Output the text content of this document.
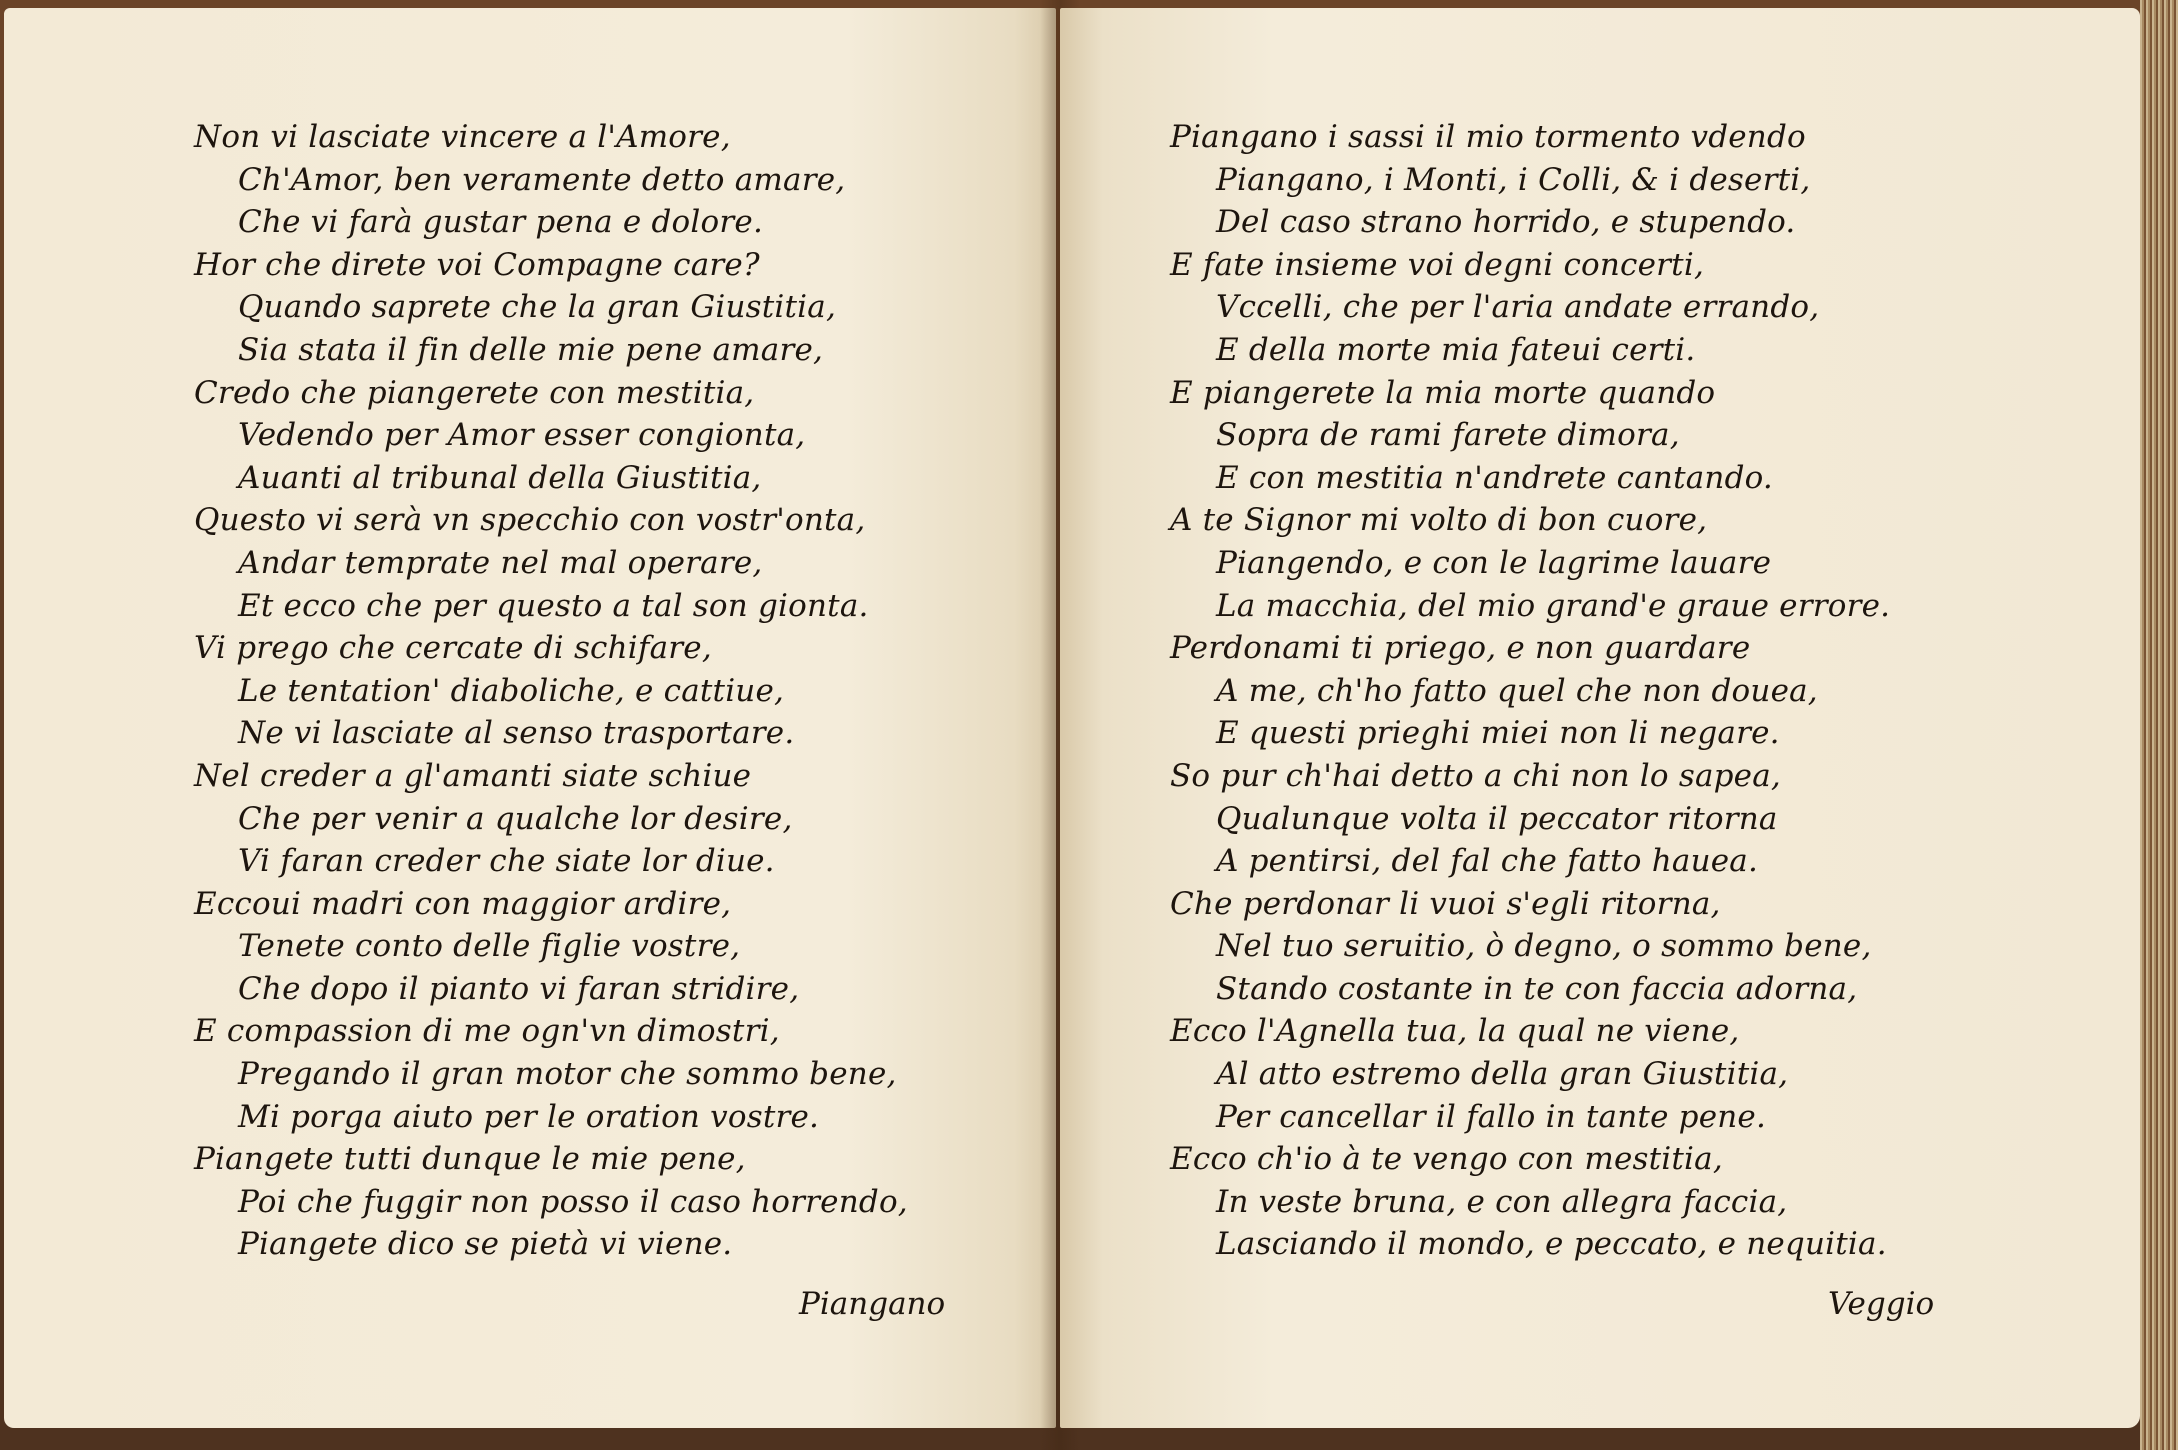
Non vi lasciate vincere a l'Amore,
Ch'Amor, ben veramente detto amare,
Che vi farà gustar pena e dolore.
Hor che direte voi Compagne care?
Quando saprete che la gran Giustitia,
Sia stata il fin delle mie pene amare,
Credo che piangerete con mestitia,
Vedendo per Amor esser congionta,
Auanti al tribunal della Giustitia,
Questo vi serà vn specchio con vostr'onta,
Andar temprate nel mal operare,
Et ecco che per questo a tal son gionta.
Vi prego che cercate di schifare,
Le tentation' diaboliche, e cattiue,
Ne vi lasciate al senso trasportare.
Nel creder a gl'amanti siate schiue
Che per venir a qualche lor desire,
Vi faran creder che siate lor diue.
Eccoui madri con maggior ardire,
Tenete conto delle figlie vostre,
Che dopo il pianto vi faran stridire,
E compassion di me ogn'vn dimostri,
Pregando il gran motor che sommo bene,
Mi porga aiuto per le oration vostre.
Piangete tutti dunque le mie pene,
Poi che fuggir non posso il caso horrendo,
Piangete dico se pietà vi viene.
Piangano
Piangano i sassi il mio tormento vdendo
Piangano, i Monti, i Colli, & i deserti,
Del caso strano horrido, e stupendo.
E fate insieme voi degni concerti,
Vccelli, che per l'aria andate errando,
E della morte mia fateui certi.
E piangerete la mia morte quando
Sopra de rami farete dimora,
E con mestitia n'andrete cantando.
A te Signor mi volto di bon cuore,
Piangendo, e con le lagrime lauare
La macchia, del mio grand'e graue errore.
Perdonami ti priego, e non guardare
A me, ch'ho fatto quel che non douea,
E questi prieghi miei non li negare.
So pur ch'hai detto a chi non lo sapea,
Qualunque volta il peccator ritorna
A pentirsi, del fal che fatto haueа.
Che perdonar li vuoi s'egli ritorna,
Nel tuo seruitio, ò degno, o sommo bene,
Stando costante in te con faccia adorna,
Ecco l'Agnella tua, la qual ne viene,
Al atto estremo della gran Giustitia,
Per cancellar il fallo in tante pene.
Ecco ch'io à te vengo con mestitia,
In veste bruna, e con allegra faccia,
Lasciando il mondo, e peccato, e nequitia.
Veggio
